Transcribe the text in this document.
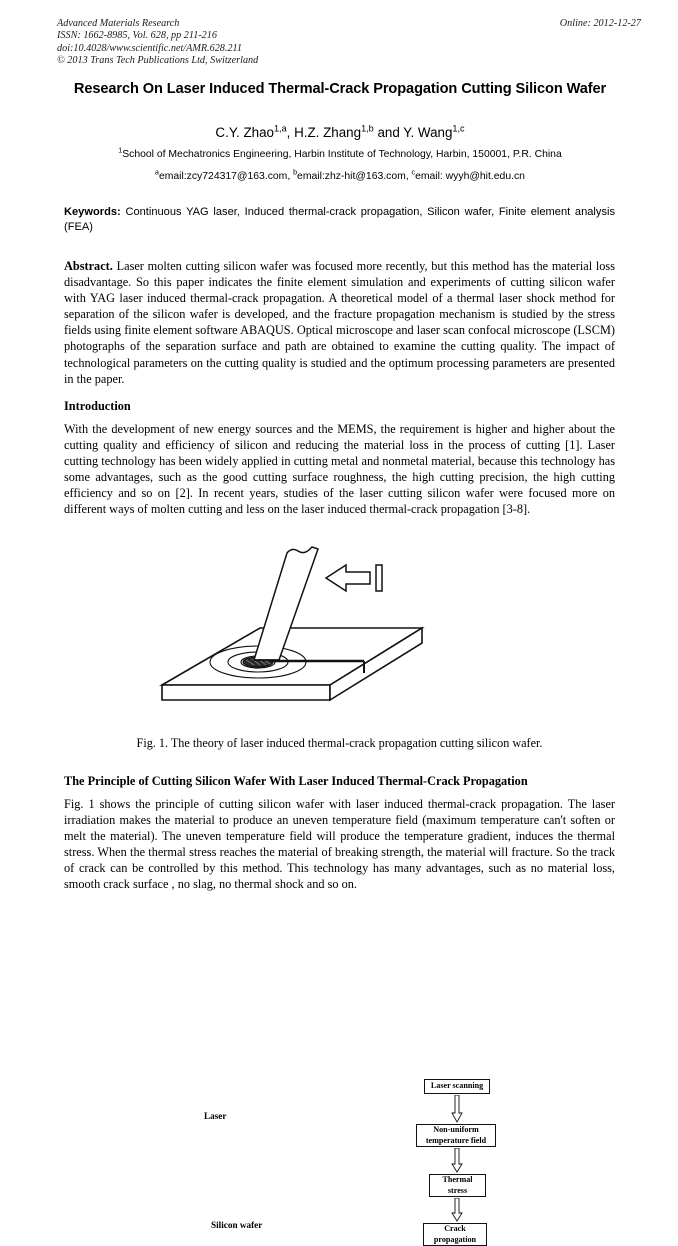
Advanced Materials Research	Online: 2012-12-27
ISSN: 1662-8985, Vol. 628, pp 211-216
doi:10.4028/www.scientific.net/AMR.628.211
© 2013 Trans Tech Publications Ltd, Switzerland
Research On Laser Induced Thermal-Crack Propagation Cutting Silicon Wafer
C.Y. Zhao$^{1,a}$, H.Z. Zhang$^{1,b}$ and Y. Wang$^{1,c}$
$^1$School of Mechatronics Engineering, Harbin Institute of Technology, Harbin, 150001, P.R. China
$^a$email:zcy724317@163.com, $^b$email:zhz-hit@163.com, $^c$email: wyyh@hit.edu.cn
Keywords: Continuous YAG laser, Induced thermal-crack propagation, Silicon wafer, Finite element analysis (FEA)
Abstract. Laser molten cutting silicon wafer was focused more recently, but this method has the material loss disadvantage. So this paper indicates the finite element simulation and experiments of cutting silicon wafer with YAG laser induced thermal-crack propagation. A theoretical model of a thermal laser shock method for separation of the silicon wafer is developed, and the fracture propagation mechanism is studied by the stress fields using finite element software ABAQUS. Optical microscope and laser scan confocal microscope (LSCM) photographs of the separation surface and path are obtained to examine the cutting quality. The impact of technological parameters on the cutting quality is studied and the optimum processing parameters are presented in the paper.
Introduction
With the development of new energy sources and the MEMS, the requirement is higher and higher about the cutting quality and efficiency of silicon and reducing the material loss in the process of cutting [1]. Laser cutting technology has been widely applied in cutting metal and nonmetal material, because this technology has some advantages, such as the good cutting surface roughness, the high cutting precision, the high cutting efficiency and so on [2]. In recent years, studies of the laser cutting silicon wafer were focused more on different ways of molten cutting and less on the laser induced thermal-crack propagation [3-8].
Laser
Silicon wafer
Laser scanning
Non-uniform temperature field
Thermal stress
Crack propagation
Fig. 1. The theory of laser induced thermal-crack propagation cutting silicon wafer.
The Principle of Cutting Silicon Wafer With Laser Induced Thermal-Crack Propagation
Fig. 1 shows the principle of cutting silicon wafer with laser induced thermal-crack propagation. The laser irradiation makes the material to produce an uneven temperature field (maximum temperature can't soften or melt the material). The uneven temperature field will produce the temperature gradient, induces the thermal stress. When the thermal stress reaches the material of breaking strength, the material will fracture. So the track of crack can be controlled by this method. This technology has many advantages, such as no material loss, smooth crack surface , no slag, no thermal shock and so on.
